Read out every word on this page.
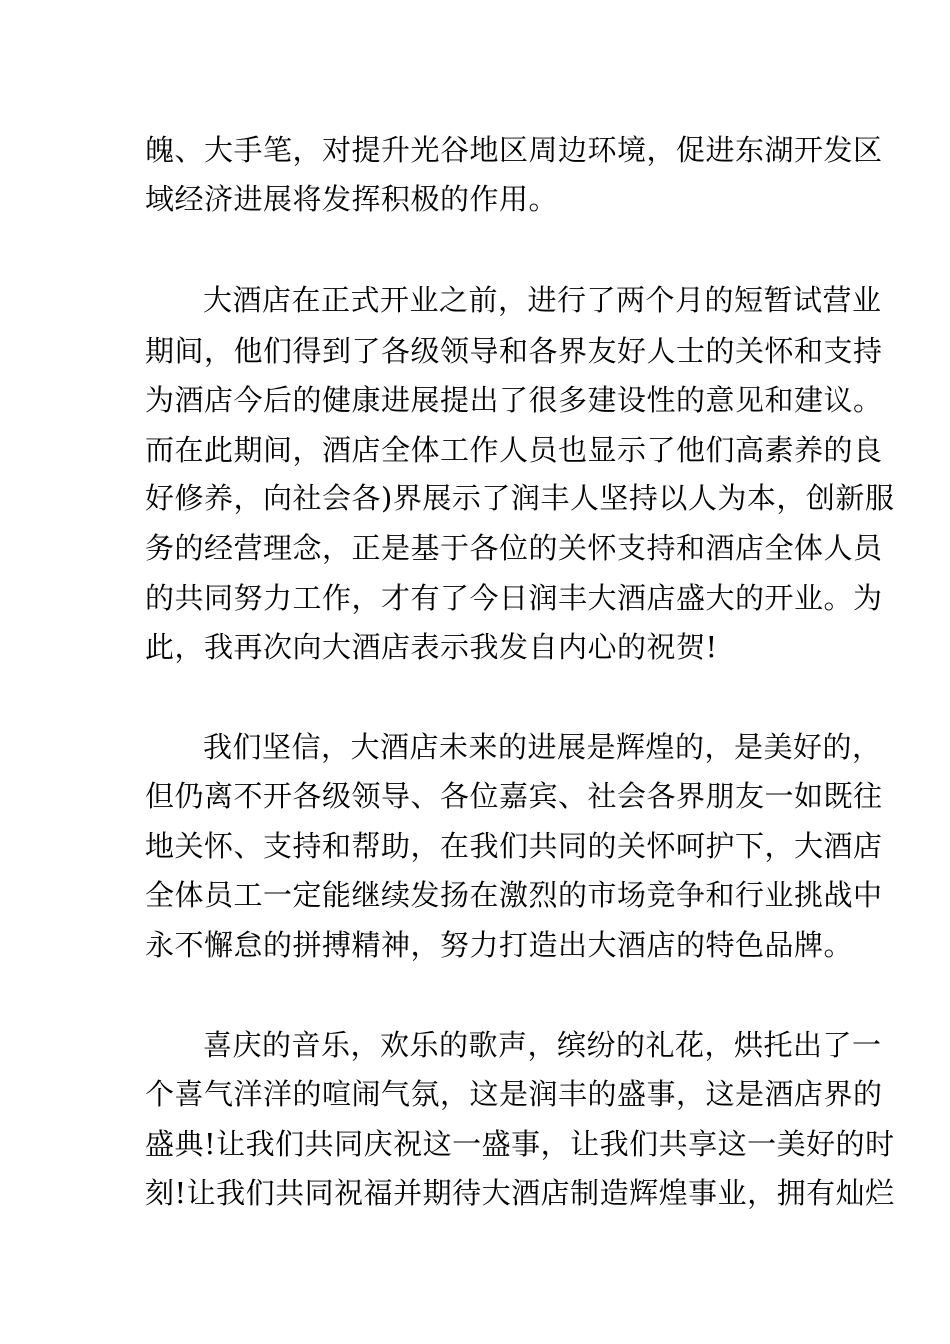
魄、大手笔，对提升光谷地区周边环境，促进东湖开发区

域经济进展将发挥积极的作用。

大酒店在正式开业之前，进行了两个月的短暂试营业

期间，他们得到了各级领导和各界友好人士的关怀和支持

为酒店今后的健康进展提出了很多建设性的意见和建议。

而在此期间，酒店全体工作人员也显示了他们高素养的良

好修养，向社会各)界展示了润丰人坚持以人为本，创新服

务的经营理念，正是基于各位的关怀支持和酒店全体人员

的共同努力工作，才有了今日润丰大酒店盛大的开业。为

此，我再次向大酒店表示我发自内心的祝贺!

我们坚信，大酒店未来的进展是辉煌的，是美好的，

但仍离不开各级领导、各位嘉宾、社会各界朋友一如既往

地关怀、支持和帮助，在我们共同的关怀呵护下，大酒店

全体员工一定能继续发扬在激烈的市场竞争和行业挑战中

永不懈怠的拼搏精神，努力打造出大酒店的特色品牌。

喜庆的音乐，欢乐的歌声，缤纷的礼花，烘托出了一

个喜气洋洋的喧闹气氛，这是润丰的盛事，这是酒店界的

盛典!让我们共同庆祝这一盛事，让我们共享这一美好的时

刻!让我们共同祝福并期待大酒店制造辉煌事业，拥有灿烂
